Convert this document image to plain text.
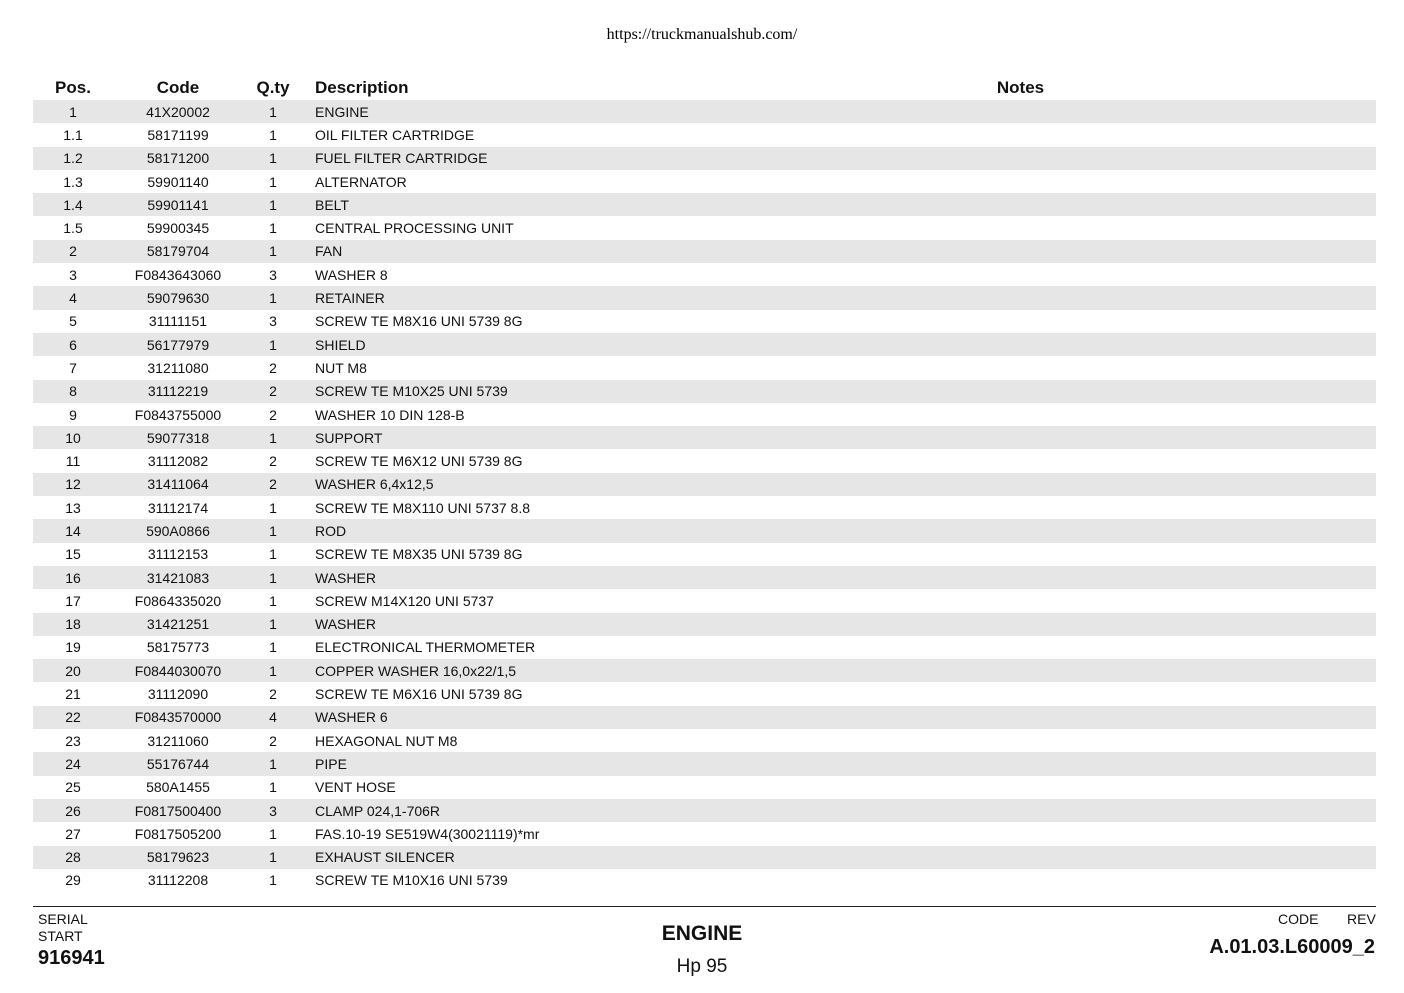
https://truckmanualshub.com/
Pos.	Code	Q.ty	Description	Notes
1	41X20002	1	ENGINE	
1.1	58171199	1	OIL FILTER CARTRIDGE	
1.2	58171200	1	FUEL FILTER CARTRIDGE	
1.3	59901140	1	ALTERNATOR	
1.4	59901141	1	BELT	
1.5	59900345	1	CENTRAL PROCESSING UNIT	
2	58179704	1	FAN	
3	F0843643060	3	WASHER 8	
4	59079630	1	RETAINER	
5	31111151	3	SCREW TE M8X16 UNI 5739 8G	
6	56177979	1	SHIELD	
7	31211080	2	NUT M8	
8	31112219	2	SCREW TE M10X25 UNI 5739	
9	F0843755000	2	WASHER 10 DIN 128-B	
10	59077318	1	SUPPORT	
11	31112082	2	SCREW TE M6X12 UNI 5739 8G	
12	31411064	2	WASHER 6,4x12,5	
13	31112174	1	SCREW TE M8X110 UNI 5737 8.8	
14	590A0866	1	ROD	
15	31112153	1	SCREW TE M8X35 UNI 5739 8G	
16	31421083	1	WASHER	
17	F0864335020	1	SCREW M14X120 UNI 5737	
18	31421251	1	WASHER	
19	58175773	1	ELECTRONICAL THERMOMETER	
20	F0844030070	1	COPPER WASHER 16,0x22/1,5	
21	31112090	2	SCREW TE M6X16 UNI 5739 8G	
22	F0843570000	4	WASHER 6	
23	31211060	2	HEXAGONAL NUT M8	
24	55176744	1	PIPE	
25	580A1455	1	VENT HOSE	
26	F0817500400	3	CLAMP 024,1-706R	
27	F0817505200	1	FAS.10-19 SE519W4(30021119)*mr	
28	58179623	1	EXHAUST SILENCER	
29	31112208	1	SCREW TE M10X16 UNI 5739	
SERIAL
START
916941
ENGINE
Hp 95
CODE REV
A.01.03.L60009_2
